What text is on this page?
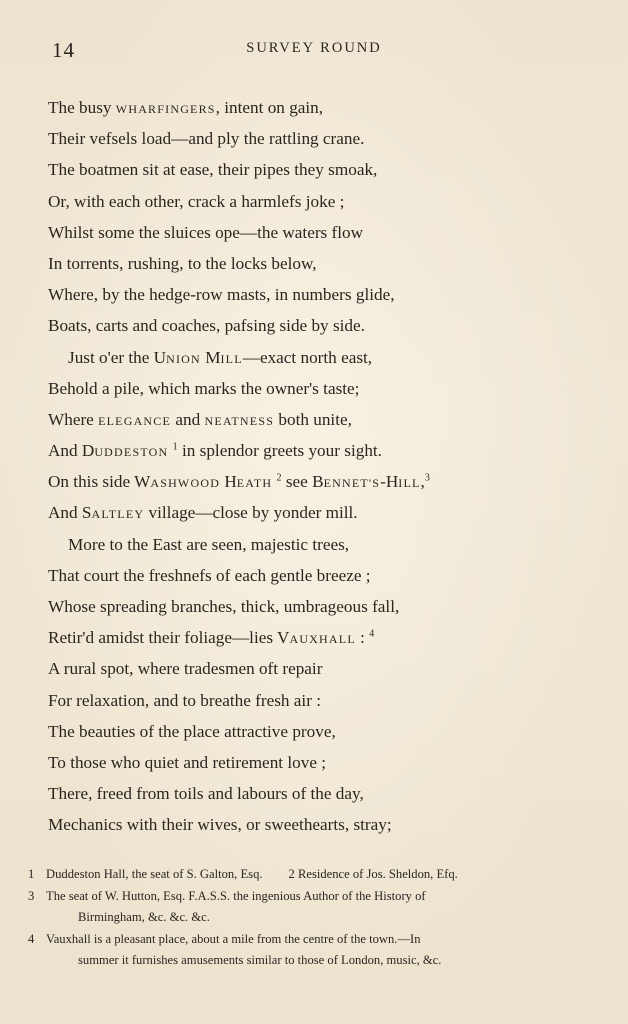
14	SURVEY ROUND
The busy WHARFINGERS, intent on gain,
Their vefsels load—and ply the rattling crane.
The boatmen sit at ease, their pipes they smoak,
Or, with each other, crack a harmlefs joke ;
Whilst some the sluices ope—the waters flow
In torrents, rushing, to the locks below,
Where, by the hedge-row masts, in numbers glide,
Boats, carts and coaches, pafsing side by side.
Just o'er the UNION MILL—exact north east,
Behold a pile, which marks the owner's taste;
Where ELEGANCE and NEATNESS both unite,
And DUDDESTON $^1$ in splendor greets your sight.
On this side WASHWOOD HEATH $^2$ see BENNET'S-HILL,$^3$
And SALTLEY village—close by yonder mill.
More to the East are seen, majestic trees,
That court the freshnefs of each gentle breeze ;
Whose spreading branches, thick, umbrageous fall,
Retir'd amidst their foliage—lies VAUXHALL : $^4$
A rural spot, where tradesmen oft repair
For relaxation, and to breathe fresh air :
The beauties of the place attractive prove,
To those who quiet and retirement love ;
There, freed from toils and labours of the day,
Mechanics with their wives, or sweethearts, stray;
1 Duddeston Hall, the seat of S. Galton, Esq. 2 Residence of Jos. Sheldon, Efq.
3 The seat of W. Hutton, Esq. F.A.S.S. the ingenious Author of the History of
Birmingham, &c. &c. &c.
4 Vauxhall is a pleasant place, about a mile from the centre of the town.—In
summer it furnishes amusements similar to those of London, music, &c.
